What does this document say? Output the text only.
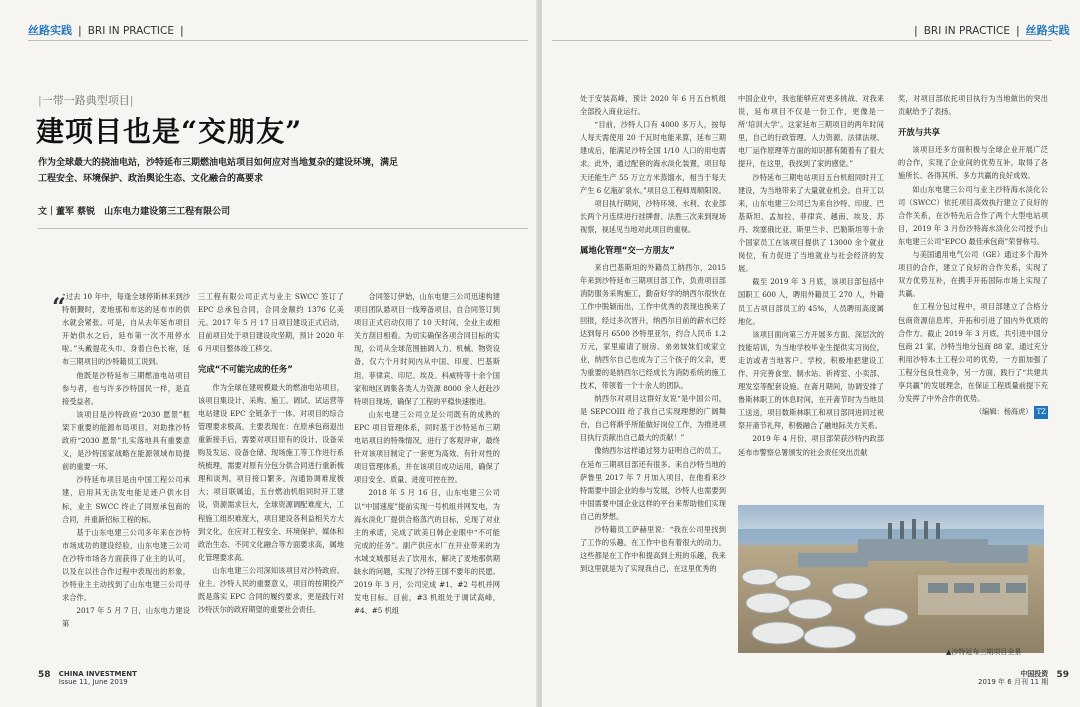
丝路实践 | BRI IN PRACTICE |
|一带一路典型项目|
建项目也是“交朋友”
作为全球最大的挠油电站，沙特延布三期燃油电站项目如何应对当地复杂的建设环境，满足工程安全、环境保护、政治舆论生态、文化融合的高要求
文｜董军 蔡锐　山东电力建设第三工程有限公司

“过去 10 年中，每逢全球停斯林来到沙特朝觐时，麦地那和布达的延布市的供水就会紧张。可是，自从去年延布项目开始供水之后，延布第一次不用停水啦。”头戴提花头巾、身着白色长袍，延布三期项目的沙特籍员工说到。

他既是沙特延布三期燃油电站项目参与者，也与许多沙特国民一样，是直接受益者。

该项目是沙特政府“2030 愿景”框架下重要的能源布局项目，对助推沙特政府“2030 愿景”扎实落地具有重要意义，是沙特国家战略在能源领域布局提前的重要一环。

沙特延布项目是由中国工程公司承建，启用其无法发电能足迹户供水目标，业主 SWCC 终止了同原承包商的合同，并重新招标工程的标。

基于山东电建三公司多年来在沙特市场成功的建设经验，山东电建三公司在沙特市场各方面获得了业主的认可，以及在以往合作过程中表现出的形象，沙特业主主动找到了山东电建三公司寻求合作。

2017 年 5 月 7 日，山东电力建设第

“	三工程有限公司正式与业主 SWCC 签订了 EPC 总承包合同，合同金额约 1376 亿美元。2017 年 5 月 17 日项目建设正式启动，目前项目处于项目建设攻坚期，预计 2020 年 6 月项目整体竣工移交。

完成“不可能完成的任务”

作为全球在建规模最大的燃油电站项目，该项目集设计、采购、施工、调试、试运营等电站建设 EPC 全链条于一体。对项目的综合管理要求极高，主要表现在：在原承包商退出重新接手后，需要对项目原有的设计、设备采购及发运、设备仓储、现场施工等工作进行系统梳理，需要对原有分包分供合同进行重新梳理和谈判，项目接口繁多，沟通协调难度极大；项目联属追，五台燃油机组同时开工建设，资源需求巨大，全球资源调配难度大，工程施工组织难度大，项目建设各利益相关方大到文化，在应对工程安全、环境保护、媒体和政治生态、不同文化融合等方面要求高，属地化管理要求高。

山东电建三公司深知该项目对沙特政府、业主、沙特人民的重要意义，项目的按期投产既是落实 EPC 合同的履约要求，更是践行对沙特沃尔的政府期望的重要社会责任。

合同签订伊始，山东电建三公司迅速构建项目团队悬项目一线筹备项目，自合同签订到项目正式启动仅用了 10 天时间，全业主或相关方刮目相看。为切实确保各项合同目标的实现，公司从全球范围抽调人力、机械、物资设备，仅六个月时间内从中国、印度、巴基斯坦、菲律宾、印尼、埃及、科威特等十余个国家和地区调集各类人力资源 8000 余人赶赴沙特项目现场，确保了工程的平稳快速推进。

山东电建三公司立足公司既有的成熟的 EPC 项目管理体系，同时基于沙特延布三期电站项目的特殊情况，进行了客观评审，最终针对该项目制定了一套更为高效、有针对性的项目管理体系，并在该项目成功运用，确保了项目安全、质量、进度可控在控。

2018 年 5 月 16 日，山东电建三公司以“中国速度”提前实现一号机组并网发电，为海水淡化厂提供合格蒸汽的目标，兑现了对业主的承诺，完成了欧美日韩企业眼中“不可能完成的任务”。副产供应水厂在开业带来的为水城支城那延去了饮用水，解决了麦地那供期缺水的问题，实现了沙特王国不要年的民愿。2019 年 3 月，公司完成 #1、#2 号机并网发电目标。目前，#3 机组处于调试高峰，#4、#5 机组

58 CHINA INVESTMENT
Issue 11, June 2019
| BRI IN PRACTICE | 丝路实践

处于安装高峰，预计 2020 年 6 月五台机组全部投入商业运行。

“目前，沙特人口有 4000 多万人，按每人每天需使用 20 千瓦时电能来算，延布三期建成后，能满足沙特全国 1/10 人口的用电需求。此外，通过配套的海水淡化装置，项目每天还能生产 55 万立方米蒸馏水，相当于每天产生 6 亿瓶矿泉水。”项目总工程师周顺阳说。

项目执行期间，沙特环境、水利、农业部长两个月连续进行挂牌督、法胜三次来到现场视察，视延见当地对此项目的重视。

属地化管理“交一方朋友”

来自巴基斯坦的外籍员工纳西尔，2015 年来到沙特延布三期项目部工作，负责项目部消防服务采购施工，勤奋好学的纳西尔很快在工作中脱颖而出，工作中优秀的表现也换来了回报，经过多次晋升，纳西尔目前的薪水已经达到每月 6500 沙特里亚尔，约合人民币 1.2 万元，家里雇请了厨房、弟弟妹妹们成家立业，纳西尔自己也成为了三个孩子的父亲，更为重要的是纳西尔已经成长为消防系统的施工技术，带领着一个十余人的团队。

纳西尔对项目这群好友说“是中国公司，是 SEPCOIII 给了我自己实现理想的广阔舞台，自己将渐乎所能做好岗位工作，为推进项目执行贡献出自己最大的贡献！”

像纳西尔这样通过努力证明自己的员工，在延布三期项目部还有很多。来自沙特当地的萨鲁里 2017 年 7 月加入项目，在他看来沙特需要中国企业的参与发展，沙特人也需要到中国需要中国企业这样的平台来帮助他们实现自己的梦想。

沙特籍员工萨赫里说：“我在公司里找到了工作的乐趣，在工作中也有着很大的动力，这些都是在工作中和提高到上班的乐趣，我来到这里就是为了实现我自己，在这里优秀的

中国企业中，我也能够应对更多挑战、对我来说，延布项目不仅是一份工作，更像是一所‘培训大学’。这家延布三期项目的两年时间里，自己的行政管理、人力资源、法律法规、电厂运作原理等方面的知识都有随着有了很大提升，在这里，我找到了家的感觉。”

沙特延布三期电站项目五台机组同时开工建设，为当地带来了大量就业机会。自开工以来，山东电建三公司已为来自沙特、印度、巴基斯坦、孟加拉、菲律宾、越南、埃及、苏丹、埃塞俄比亚、斯里兰卡、巴勒斯坦等十余个国家员工在该项目提供了 13000 余个就业岗位，有力促进了当地就业与社会经济的发展。

截至 2019 年 3 月底，该项目部包括中国职工 600 人，聘用外籍员工 270 人，外籍员工占项目部员工的 45%，人员聘用高度属地化。

该项目面向第三方开展多方面、深层次的技能培训，为当地学校毕业生提供实习岗位，走访或者当地客户、学校，积极地把建设工作、开完善食堂、制水站、祈祷室、小卖部、理发室等配套设施。在斋月期间，协调安排了鲁斯林职工的休息时间，在开斋节时为当地员工送送，项目数斯林职工和项目部同进同过祝祭开斋节礼拜，积极融合了融地际关方关系。

2019 年 4 月份，项目部荣获沙特内政部延布市警察总署颁发的社会责任突出贡献

奖，对项目部依托项目执行为当地做出的突出贡献给予了表扬。

开放与共享

该项目还多方面积极与全球企业开展广泛的合作，实现了企业间的优势互补，取得了各施所长、各得其所、多方共赢的良好成效。

如山东电建三公司与业主沙特海水淡化公司（SWCC）依托项目高效执行建立了良好的合作关系，在沙特先后合作了两个大型电站项目，2019 年 3 月份沙特海水淡化公司授予山东电建三公司“EPCO 最佳承包商”荣誉称号。

与美国通用电气公司（GE）通过多个海外项目的合作，建立了良好的合作关系，实现了双方优势互补，在携手开拓国际市场上实现了共赢。

在工程分包过程中，项目部建立了合格分包商资源信息库，开拓和引进了国内外优质的合作方。截止 2019 年 3 月底，共引进中国分包商 21 家，沙特当地分包商 88 家，通过充分利用沙特本土工程公司的优势，一方面加强了工程分包良性竞争，另一方面，践行了“共建共享共赢”的发展理念，在保证工程质量前提下充分发挥了中外合作的优势。

（编辑：杨海虎） TZ

中国投资
2019 年 6 月刊 11 期 59
▲沙特延布三期项目全景
